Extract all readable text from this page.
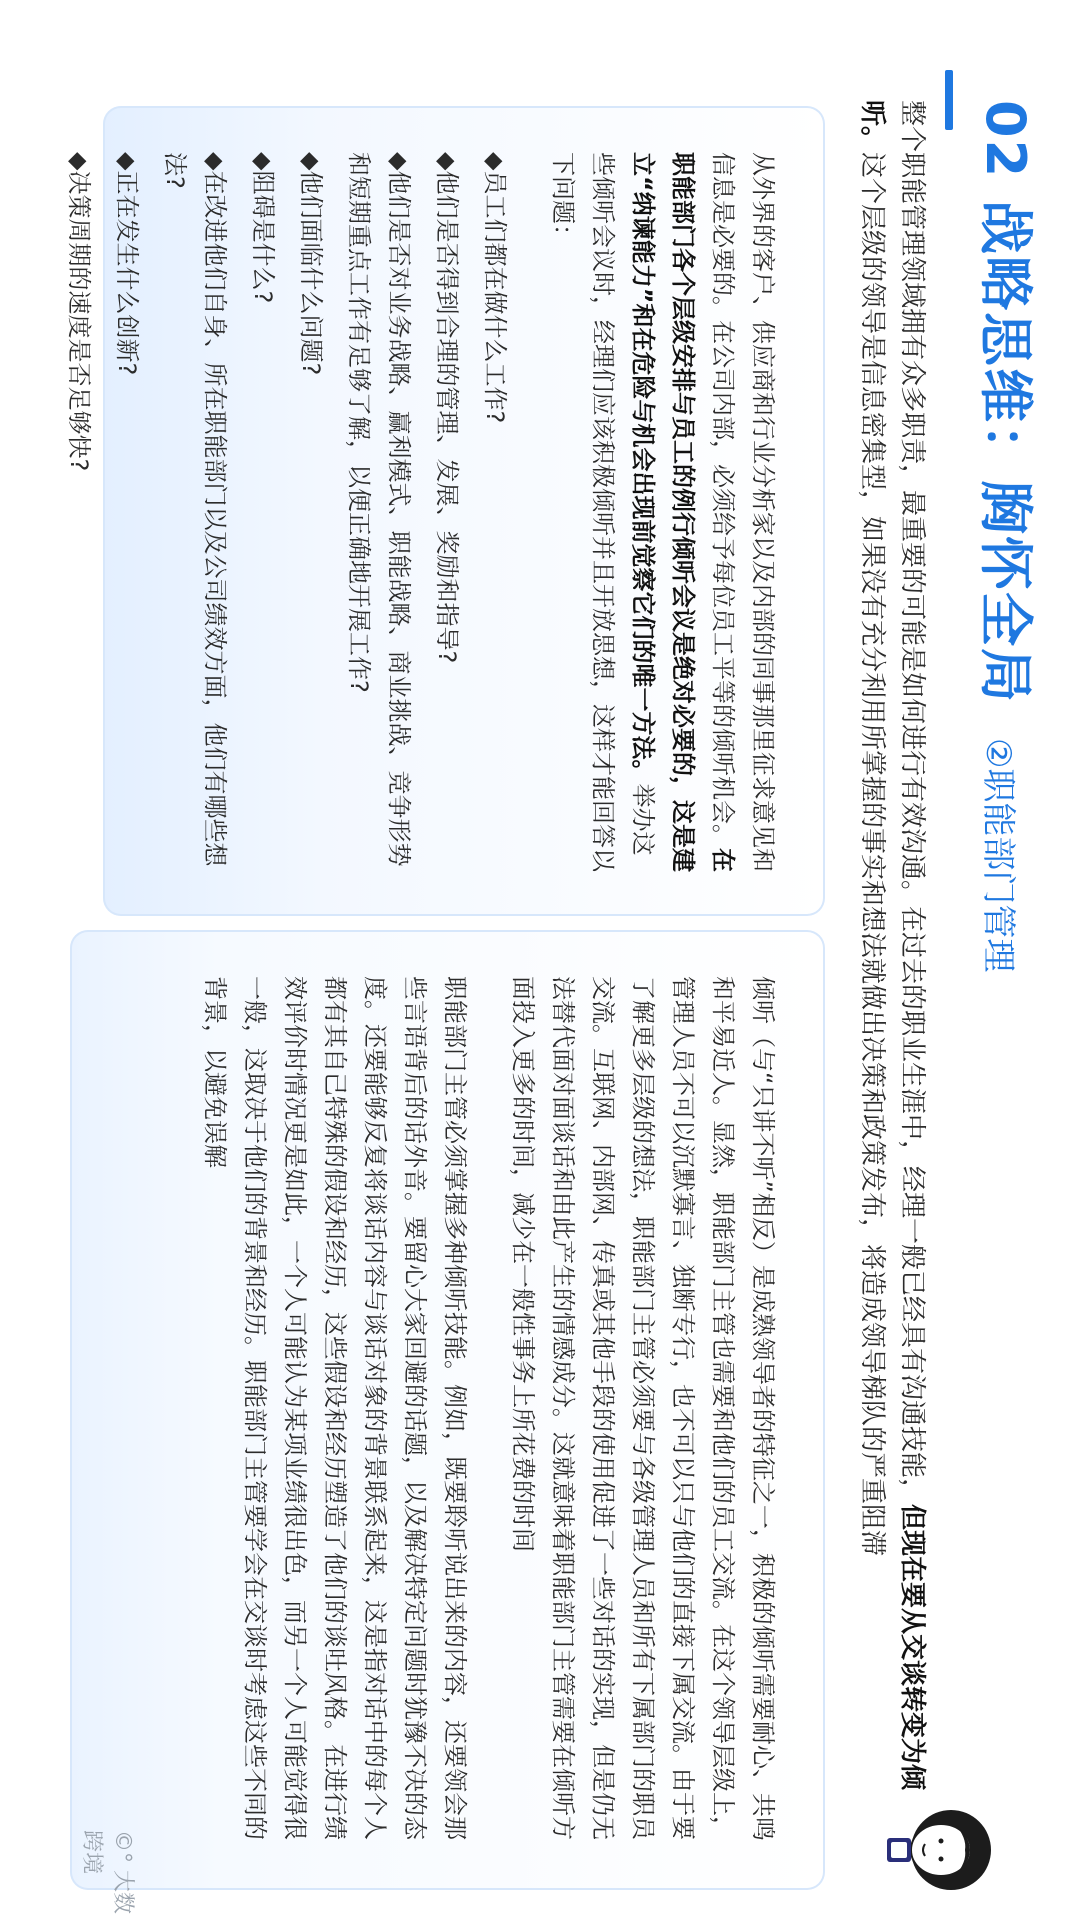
02 战略思维：胸怀全局
②职能部门管理
整个职能管理领域拥有众多职责，最重要的可能是如何进行有效沟通。在过去的职业生涯中，经理一般已经具有沟通技能，但现在要从交谈转变为倾听。这个层级的领导是信息密集型，如果没有充分利用所掌握的事实和想法就做出决策和政策发布，将造成领导梯队的严重阻滞

从外界的客户、供应商和行业分析家以及内部的同事那里征求意见和信息是必要的。在公司内部，必须给予每位员工平等的倾听机会。在职能部门各个层级安排与员工的例行倾听会议是绝对必要的，这是建立“纳谏能力”和在危险与机会出现前觉察它们的唯一方法。举办这些倾听会议时，经理们应该积极倾听并且开放思想，这样才能回答以下问题：

◆员工们都在做什么工作?
◆他们是否得到合理的管理、发展、奖励和指导?
◆他们是否对业务战略、赢利模式、职能战略、商业挑战、竞争形势和短期重点工作有足够了解，以便正确地开展工作?
◆他们面临什么问题?
◆阻碍是什么?
◆在改进他们自身、所在职能部门以及公司绩效方面，他们有哪些想法?
◆正在发生什么创新?
◆决策周期的速度是否足够快?

倾听（与“只讲不听”相反）是成熟领导者的特征之一，积极的倾听需要耐心、共鸣和平易近人。显然，职能部门主管也需要和他们的员工交流。在这个领导层级上，管理人员不可以沉默寡言、独断专行，也不可以只与他们的直接下属交流。由于要了解更多层级的想法，职能部门主管必须要与各级管理人员和所有下属部门的职员交流。互联网、内部网、传真或其他手段的使用促进了一些对话的实现，但是仍无法替代面对面谈话和由此产生的情感成分。这就意味着职能部门主管需要在倾听方面投入更多的时间，减少在一般性事务上所花费的时间

职能部门主管必须掌握多种倾听技能。例如，既要聆听说出来的内容，还要领会那些言语背后的话外音。要留心大家回避的话题，以及解决特定问题时犹豫不决的态度。还要能够反复将谈话内容与谈话对象的背景联系起来，这是指对话中的每个人都有其自己特殊的假设和经历，这些假设和经历塑造了他们的谈吐风格。在进行绩效评价时情况更是如此，一个人可能认为某项业绩很出色，而另一个人可能觉得很一般，这取决于他们的背景和经历。职能部门主管要学会在交谈时考虑这些不同的背景，以避免误解

©° 大数跨境
